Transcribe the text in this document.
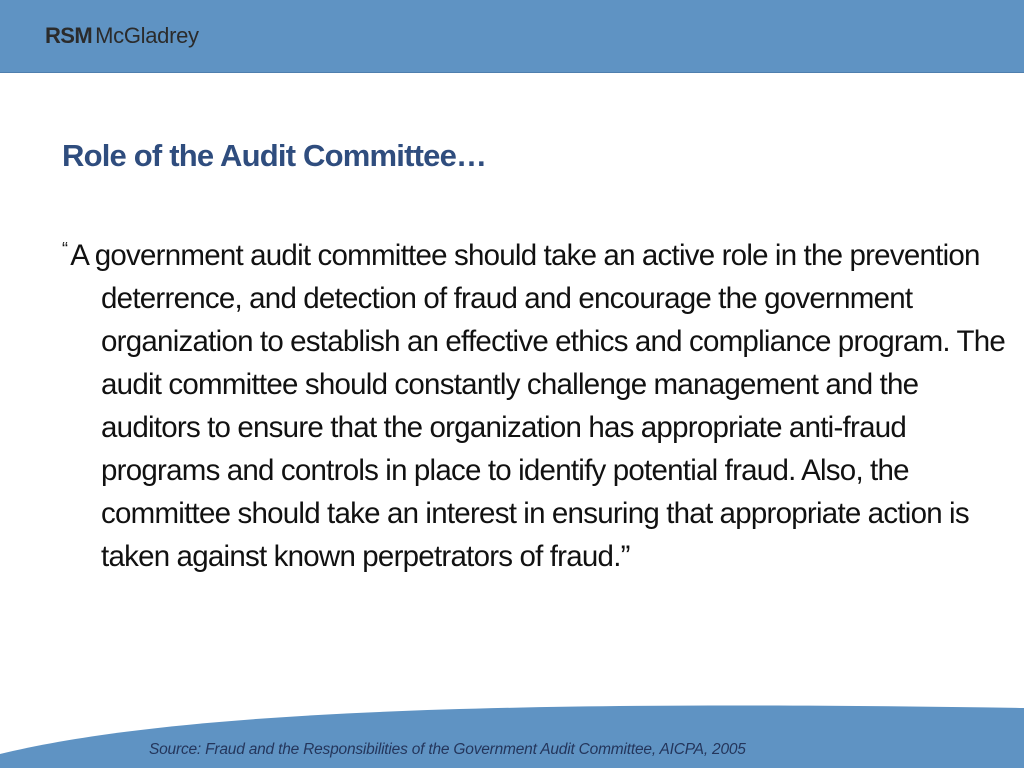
RSM McGladrey
Role of the Audit Committee…

“ A government audit committee should take an active role in the prevention deterrence, and detection of fraud and encourage the government organization to establish an effective ethics and compliance program. The audit committee should constantly challenge management and the auditors to ensure that the organization has appropriate anti-fraud programs and controls in place to identify potential fraud. Also, the committee should take an interest in ensuring that appropriate action is taken against known perpetrators of fraud.”

Source: Fraud and the Responsibilities of the Government Audit Committee, AICPA, 2005
